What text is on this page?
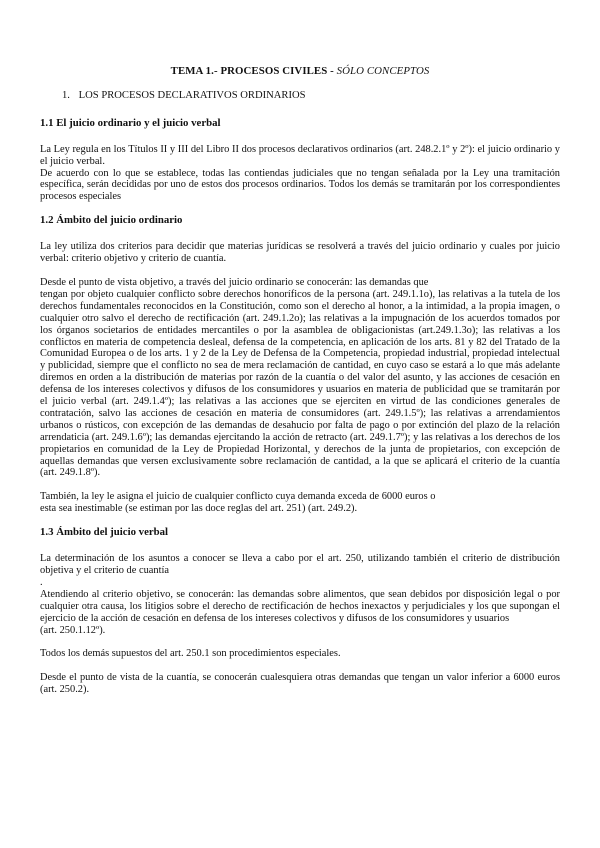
TEMA 1.- PROCESOS CIVILES - SÓLO CONCEPTOS
1. LOS PROCESOS DECLARATIVOS ORDINARIOS
1.1 El juicio ordinario y el juicio verbal

La Ley regula en los Títulos II y III del Libro II dos procesos declarativos ordinarios (art. 248.2.1º y 2º): el juicio ordinario y el juicio verbal.

De acuerdo con lo que se establece, todas las contiendas judiciales que no tengan señalada por la Ley una tramitación específica, serán decididas por uno de estos dos procesos ordinarios. Todos los demás se tramitarán por los correspondientes procesos especiales

1.2 Ámbito del juicio ordinario

La ley utiliza dos criterios para decidir que materias jurídicas se resolverá a través del juicio ordinario y cuales por juicio verbal: criterio objetivo y criterio de cuantía.

Desde el punto de vista objetivo, a través del juicio ordinario se conocerán: las demandas que

tengan por objeto cualquier conflicto sobre derechos honoríficos de la persona (art. 249.1.1o), las relativas a la tutela de los derechos fundamentales reconocidos en la Constitución, como son el derecho al honor, a la intimidad, a la propia imagen, o cualquier otro salvo el derecho de rectificación (art. 249.1.2o); las relativas a la impugnación de los acuerdos tomados por los órganos societarios de entidades mercantiles o por la asamblea de obligacionistas (art.249.1.3o); las relativas a los conflictos en materia de competencia desleal, defensa de la competencia, en aplicación de los arts. 81 y 82 del Tratado de la Comunidad Europea o de los arts. 1 y 2 de la Ley de Defensa de la Competencia, propiedad industrial, propiedad intelectual y publicidad, siempre que el conflicto no sea de mera reclamación de cantidad, en cuyo caso se estará a lo que más adelante diremos en orden a la distribución de materias por razón de la cuantía o del valor del asunto, y las acciones de cesación en defensa de los intereses colectivos y difusos de los consumidores y usuarios en materia de publicidad que se tramitarán por el juicio verbal (art. 249.1.4º); las relativas a las acciones que se ejerciten en virtud de las condiciones generales de contratación, salvo las acciones de cesación en materia de consumidores (art. 249.1.5º); las relativas a arrendamientos urbanos o rústicos, con excepción de las demandas de desahucio por falta de pago o por extinción del plazo de la relación arrendaticia (art. 249.1.6º); las demandas ejercitando la acción de retracto (art. 249.1.7º); y las relativas a los derechos de los propietarios en comunidad de la Ley de Propiedad Horizontal, y derechos de la junta de propietarios, con excepción de aquellas demandas que versen exclusivamente sobre reclamación de cantidad, a la que se aplicará el criterio de la cuantía (art. 249.1.8º).

También, la ley le asigna el juicio de cualquier conflicto cuya demanda exceda de 6000 euros o

esta sea inestimable (se estiman por las doce reglas del art. 251) (art. 249.2).

1.3 Ámbito del juicio verbal

La determinación de los asuntos a conocer se lleva a cabo por el art. 250, utilizando también el criterio de distribución objetiva y el criterio de cuantía

.

Atendiendo al criterio objetivo, se conocerán: las demandas sobre alimentos, que sean debidos por disposición legal o por cualquier otra causa, los litigios sobre el derecho de rectificación de hechos inexactos y perjudiciales y los que supongan el ejercicio de la acción de cesación en defensa de los intereses colectivos y difusos de los consumidores y usuarios

(art. 250.1.12º).

Todos los demás supuestos del art. 250.1 son procedimientos especiales.

Desde el punto de vista de la cuantía, se conocerán cualesquiera otras demandas que tengan un valor inferior a 6000 euros (art. 250.2).
